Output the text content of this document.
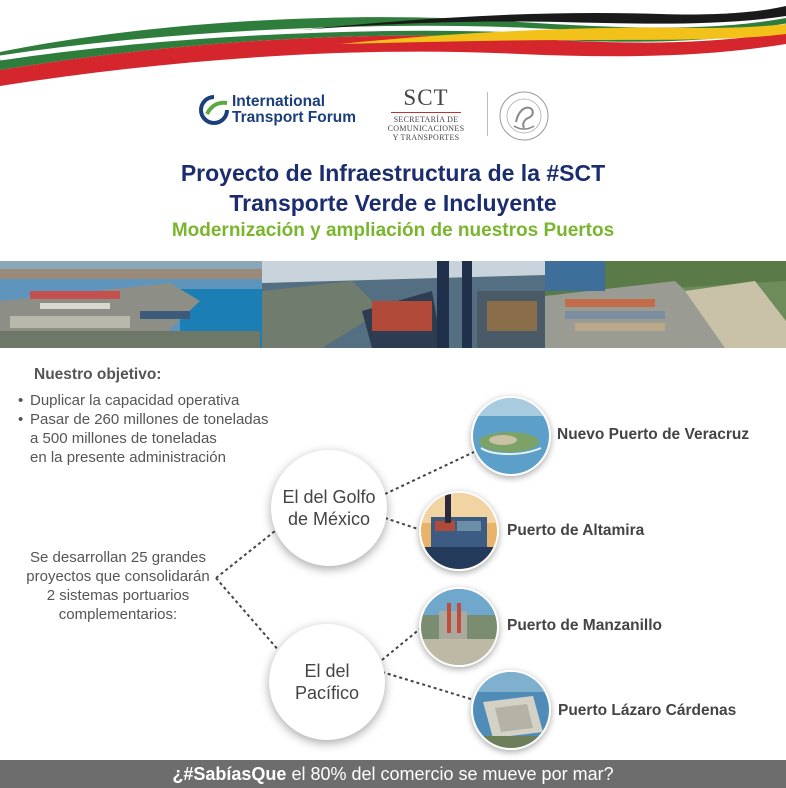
International
Transport Forum
SCT
SECRETARÍA DE
COMUNICACIONES
Y TRANSPORTES
Proyecto de Infraestructura de la #SCT
Transporte Verde e Incluyente
Modernización y ampliación de nuestros Puertos
Nuestro objetivo:
• Duplicar la capacidad operativa
• Pasar de 260 millones de toneladas
a 500 millones de toneladas
en la presente administración
Se desarrollan 25 grandes
proyectos que consolidarán
2 sistemas portuarios
complementarios:
El del Golfo
de México
El del
Pacífico
Nuevo Puerto de Veracruz
Puerto de Altamira
Puerto de Manzanillo
Puerto Lázaro Cárdenas
¿#SabíasQue el 80% del comercio se mueve por mar?
